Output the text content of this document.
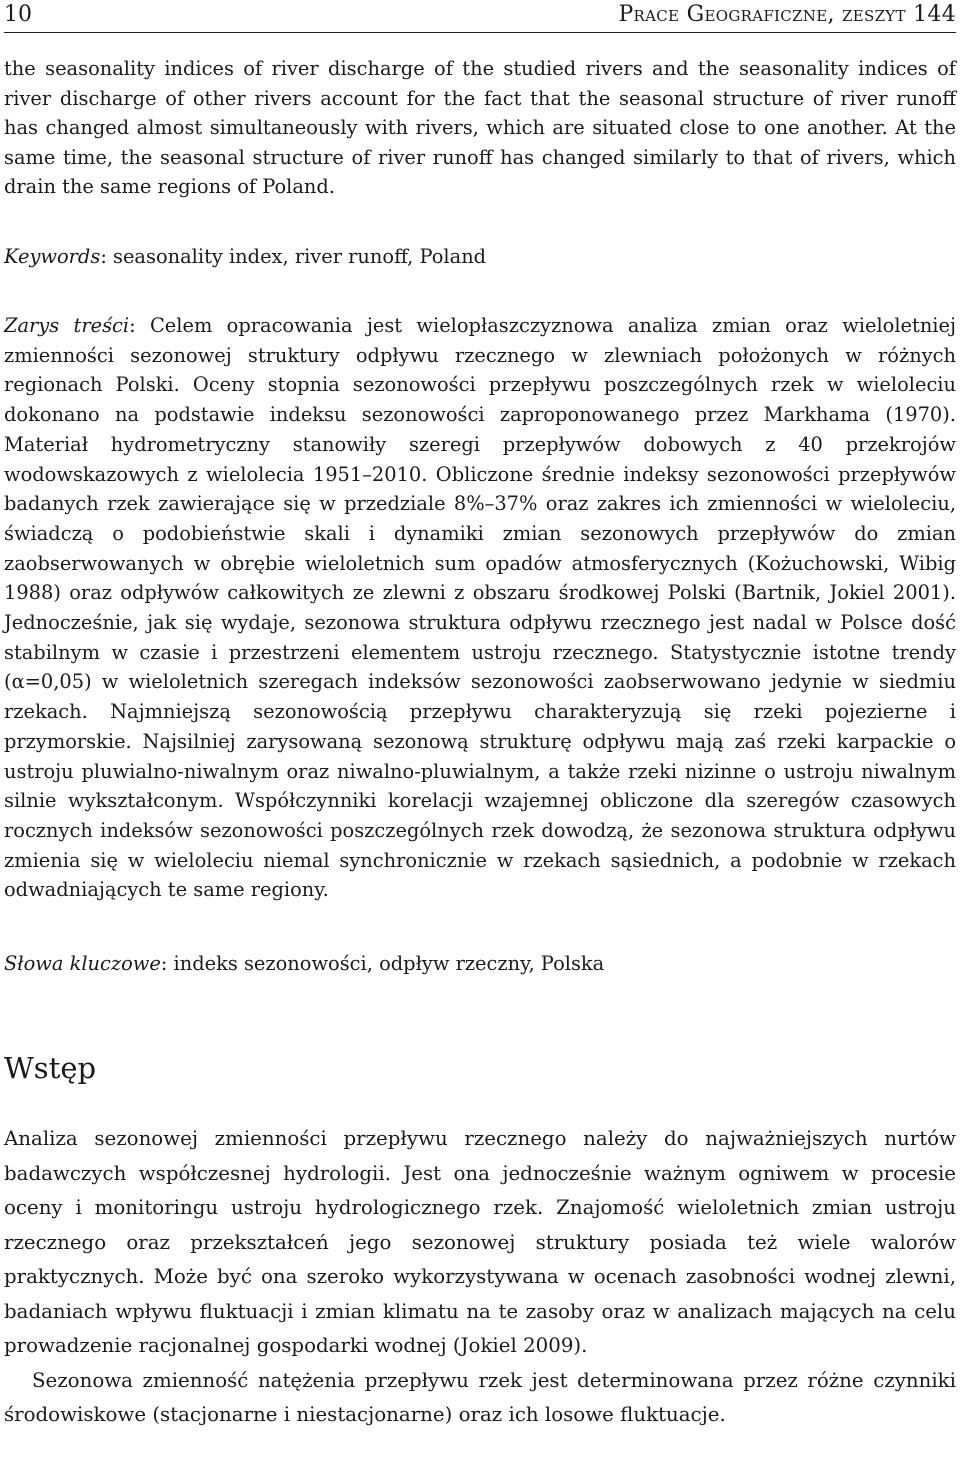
10	Prace Geograficzne, zeszyt 144

the seasonality indices of river discharge of the studied rivers and the seasonality indices of river discharge of other rivers account for the fact that the seasonal structure of river runoff has changed almost simultaneously with rivers, which are situated close to one another. At the same time, the seasonal structure of river runoff has changed similarly to that of rivers, which drain the same regions of Poland.

Keywords: seasonality index, river runoff, Poland

Zarys treści: Celem opracowania jest wielopłaszczyznowa analiza zmian oraz wieloletniej zmienności sezonowej struktury odpływu rzecznego w zlewniach położonych w różnych regionach Polski. Oceny stopnia sezonowości przepływu poszczególnych rzek w wieloleciu dokonano na podstawie indeksu sezonowości zaproponowanego przez Markhama (1970). Materiał hydrometryczny stanowiły szeregi przepływów dobowych z 40 przekrojów wodowskazowych z wielolecia 1951–2010. Obliczone średnie indeksy sezonowości przepływów badanych rzek zawierające się w przedziale 8%–37% oraz zakres ich zmienności w wieloleciu, świadczą o podobieństwie skali i dynamiki zmian sezonowych przepływów do zmian zaobserwowanych w obrębie wieloletnich sum opadów atmosferycznych (Kożuchowski, Wibig 1988) oraz odpływów całkowitych ze zlewni z obszaru środkowej Polski (Bartnik, Jokiel 2001). Jednocześnie, jak się wydaje, sezonowa struktura odpływu rzecznego jest nadal w Polsce dość stabilnym w czasie i przestrzeni elementem ustroju rzecznego. Statystycznie istotne trendy (α=0,05) w wieloletnich szeregach indeksów sezonowości zaobserwowano jedynie w siedmiu rzekach. Najmniejszą sezonowością przepływu charakteryzują się rzeki pojezierne i przymorskie. Najsilniej zarysowaną sezonową strukturę odpływu mają zaś rzeki karpackie o ustroju pluwialno-niwalnym oraz niwalno-pluwialnym, a także rzeki nizinne o ustroju niwalnym silnie wykształconym. Współczynniki korelacji wzajemnej obliczone dla szeregów czasowych rocznych indeksów sezonowości poszczególnych rzek dowodzą, że sezonowa struktura odpływu zmienia się w wieloleciu niemal synchronicznie w rzekach sąsiednich, a podobnie w rzekach odwadniających te same regiony.

Słowa kluczowe: indeks sezonowości, odpływ rzeczny, Polska

Wstęp

Analiza sezonowej zmienności przepływu rzecznego należy do najważniejszych nurtów badawczych współczesnej hydrologii. Jest ona jednocześnie ważnym ogniwem w procesie oceny i monitoringu ustroju hydrologicznego rzek. Znajomość wieloletnich zmian ustroju rzecznego oraz przekształceń jego sezonowej struktury posiada też wiele walorów praktycznych. Może być ona szeroko wykorzystywana w ocenach zasobności wodnej zlewni, badaniach wpływu fluktuacji i zmian klimatu na te zasoby oraz w analizach mających na celu prowadzenie racjonalnej gospodarki wodnej (Jokiel 2009).

Sezonowa zmienność natężenia przepływu rzek jest determinowana przez różne czynniki środowiskowe (stacjonarne i niestacjonarne) oraz ich losowe fluktuacje.
